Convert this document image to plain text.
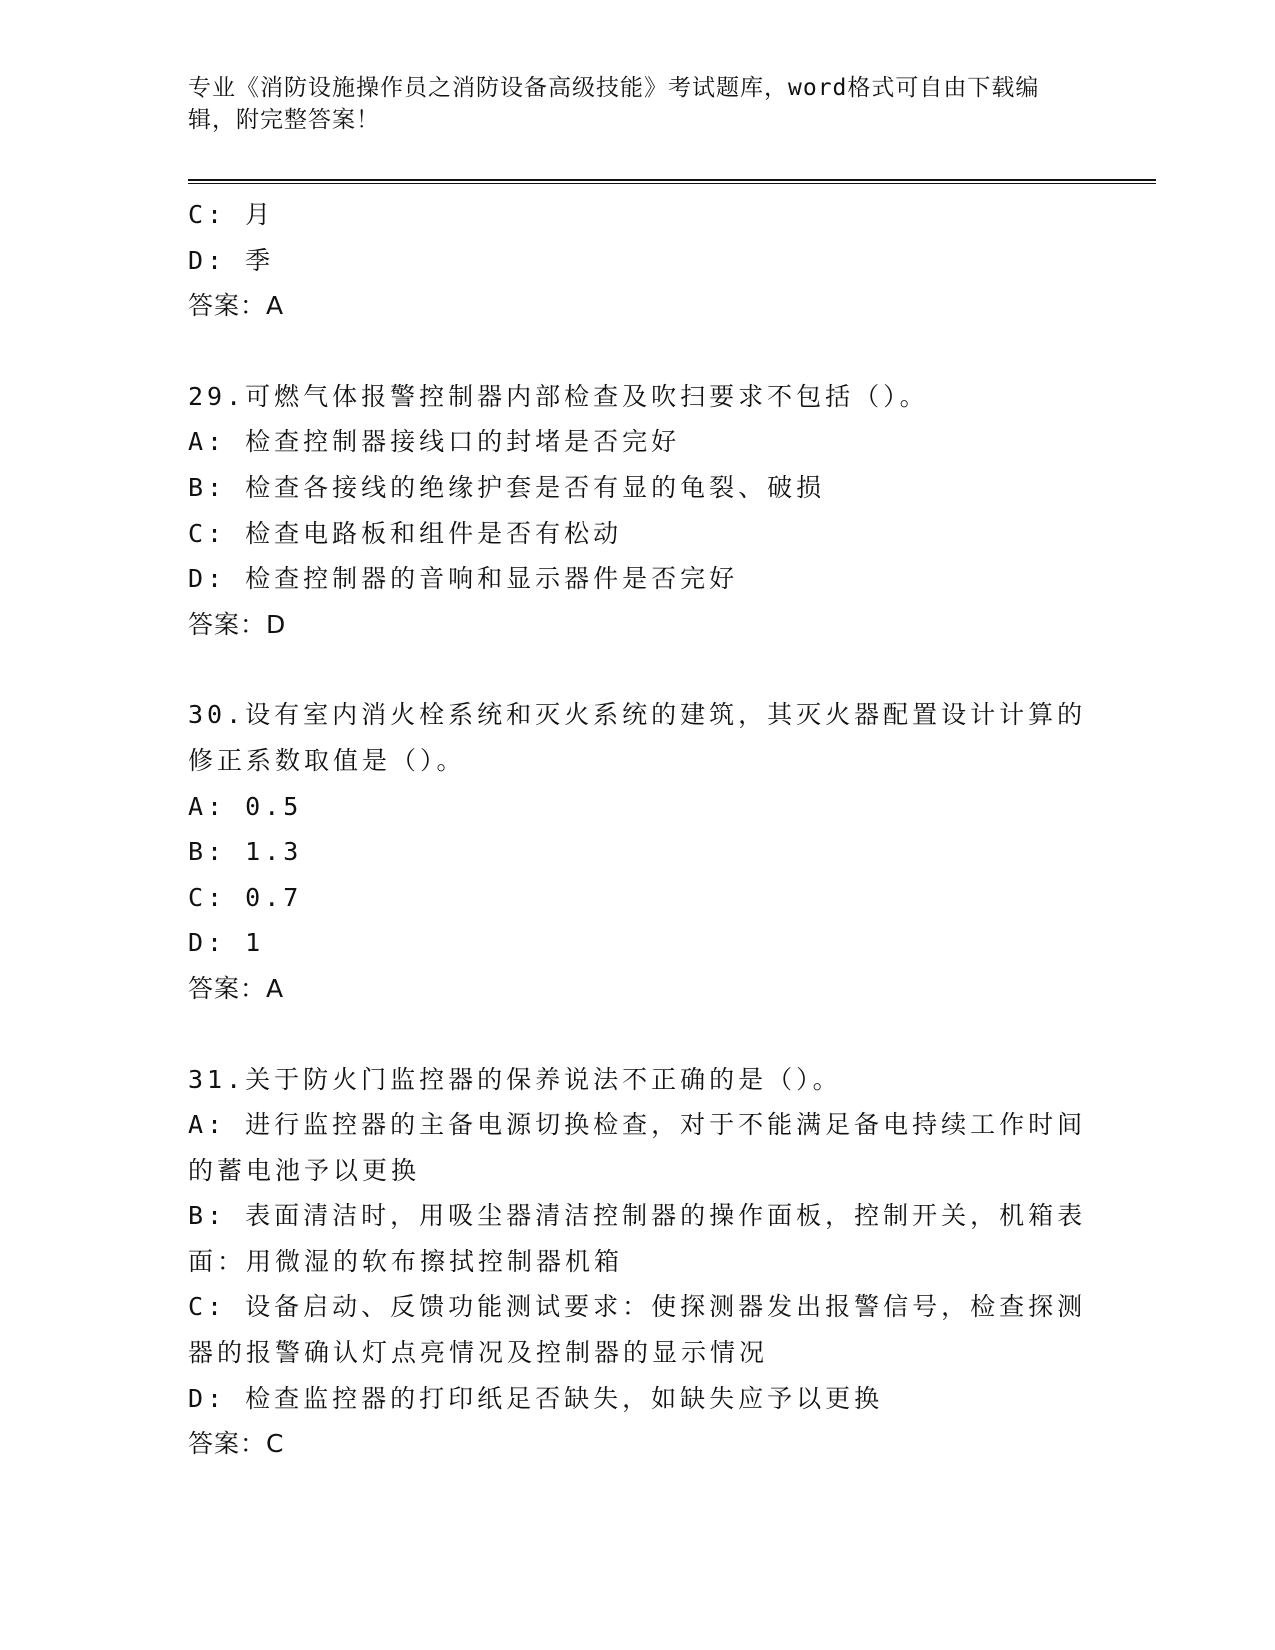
专业《消防设施操作员之消防设备高级技能》考试题库，word格式可自由下载编
辑，附完整答案！
C: 月
D: 季
答案：A
29.可燃气体报警控制器内部检查及吹扫要求不包括（）。
A: 检查控制器接线口的封堵是否完好
B: 检查各接线的绝缘护套是否有显的龟裂、破损
C: 检查电路板和组件是否有松动
D: 检查控制器的音响和显示器件是否完好
答案：D
30.设有室内消火栓系统和灭火系统的建筑，其灭火器配置设计计算的
修正系数取值是（）。
A: 0.5
B: 1.3
C: 0.7
D: 1
答案：A
31.关于防火门监控器的保养说法不正确的是（）。
A: 进行监控器的主备电源切换检查，对于不能满足备电持续工作时间
的蓄电池予以更换
B: 表面清洁时，用吸尘器清洁控制器的操作面板，控制开关，机箱表
面：用微湿的软布擦拭控制器机箱
C: 设备启动、反馈功能测试要求：使探测器发出报警信号，检查探测
器的报警确认灯点亮情况及控制器的显示情况
D: 检查监控器的打印纸足否缺失，如缺失应予以更换
答案：C
